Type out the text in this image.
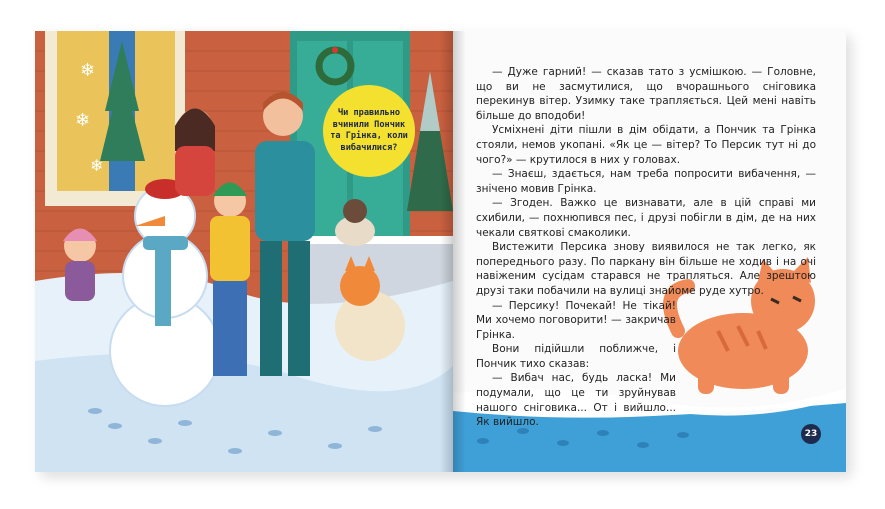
❄
❄
❄
Чи правильно вчинили Пончик та Грінка, коли вибачилися?

— Дуже гарний! — сказав тато з усмішкою. — Головне, що ви не засмутилися, що вчорашнього сніговика перекинув вітер. Узимку таке трапляється. Цей мені навіть більше до вподоби!

Усміхнені діти пішли в дім обідати, а Пончик та Грінка стояли, немов укопані. «Як це — вітер? То Персик тут ні до чого?» — крутилося в них у головах.

— Знаєш, здається, нам треба попросити вибачення, — знічено мовив Грінка.

— Згоден. Важко це визнавати, але в цій справі ми схибили, — похнюпився пес, і друзі побігли в дім, де на них чекали святкові смаколики.

Вистежити Персика знову виявилося не так легко, як попереднього разу. По паркану він більше не ходив і на очі навіженим сусідам старався не трапляться. Але зрештою друзі таки побачили на вулиці знайоме руде хутро.

— Персику! Почекай! Не тікай! Ми хочемо поговорити! — закричав Грінка.

Вони підійшли поближче, і Пончик тихо сказав:

— Вибач нас, будь ласка! Ми подумали, що це ти зруйнував нашого сніговика... От і вийшло... Як вийшло.

23
